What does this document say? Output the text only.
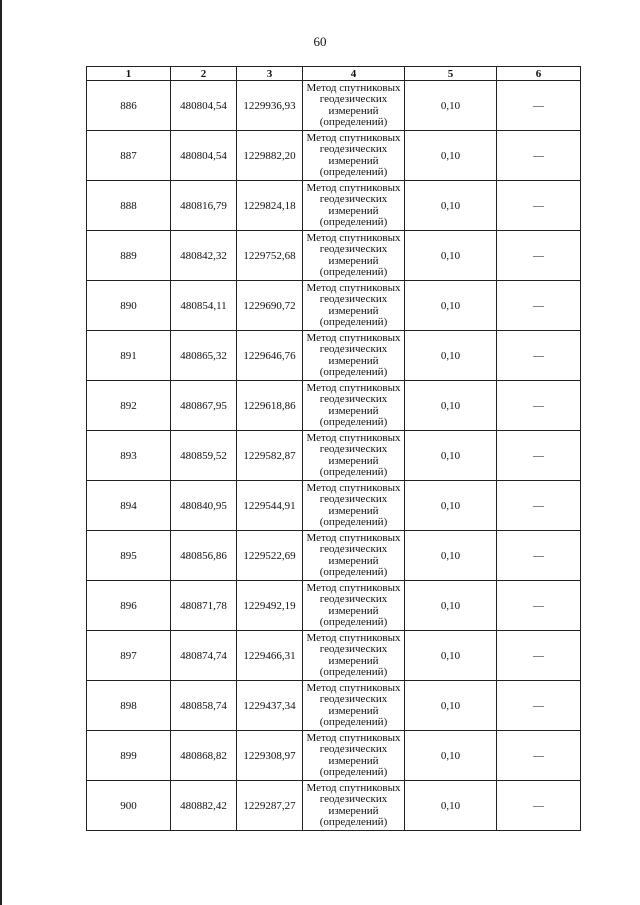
60
1	2	3	4	5	6
886	480804,54	1229936,93	Метод спутниковых
геодезических
измерений
(определений)	0,10	—
887	480804,54	1229882,20	Метод спутниковых
геодезических
измерений
(определений)	0,10	—
888	480816,79	1229824,18	Метод спутниковых
геодезических
измерений
(определений)	0,10	—
889	480842,32	1229752,68	Метод спутниковых
геодезических
измерений
(определений)	0,10	—
890	480854,11	1229690,72	Метод спутниковых
геодезических
измерений
(определений)	0,10	—
891	480865,32	1229646,76	Метод спутниковых
геодезических
измерений
(определений)	0,10	—
892	480867,95	1229618,86	Метод спутниковых
геодезических
измерений
(определений)	0,10	—
893	480859,52	1229582,87	Метод спутниковых
геодезических
измерений
(определений)	0,10	—
894	480840,95	1229544,91	Метод спутниковых
геодезических
измерений
(определений)	0,10	—
895	480856,86	1229522,69	Метод спутниковых
геодезических
измерений
(определений)	0,10	—
896	480871,78	1229492,19	Метод спутниковых
геодезических
измерений
(определений)	0,10	—
897	480874,74	1229466,31	Метод спутниковых
геодезических
измерений
(определений)	0,10	—
898	480858,74	1229437,34	Метод спутниковых
геодезических
измерений
(определений)	0,10	—
899	480868,82	1229308,97	Метод спутниковых
геодезических
измерений
(определений)	0,10	—
900	480882,42	1229287,27	Метод спутниковых
геодезических
измерений
(определений)	0,10	—
